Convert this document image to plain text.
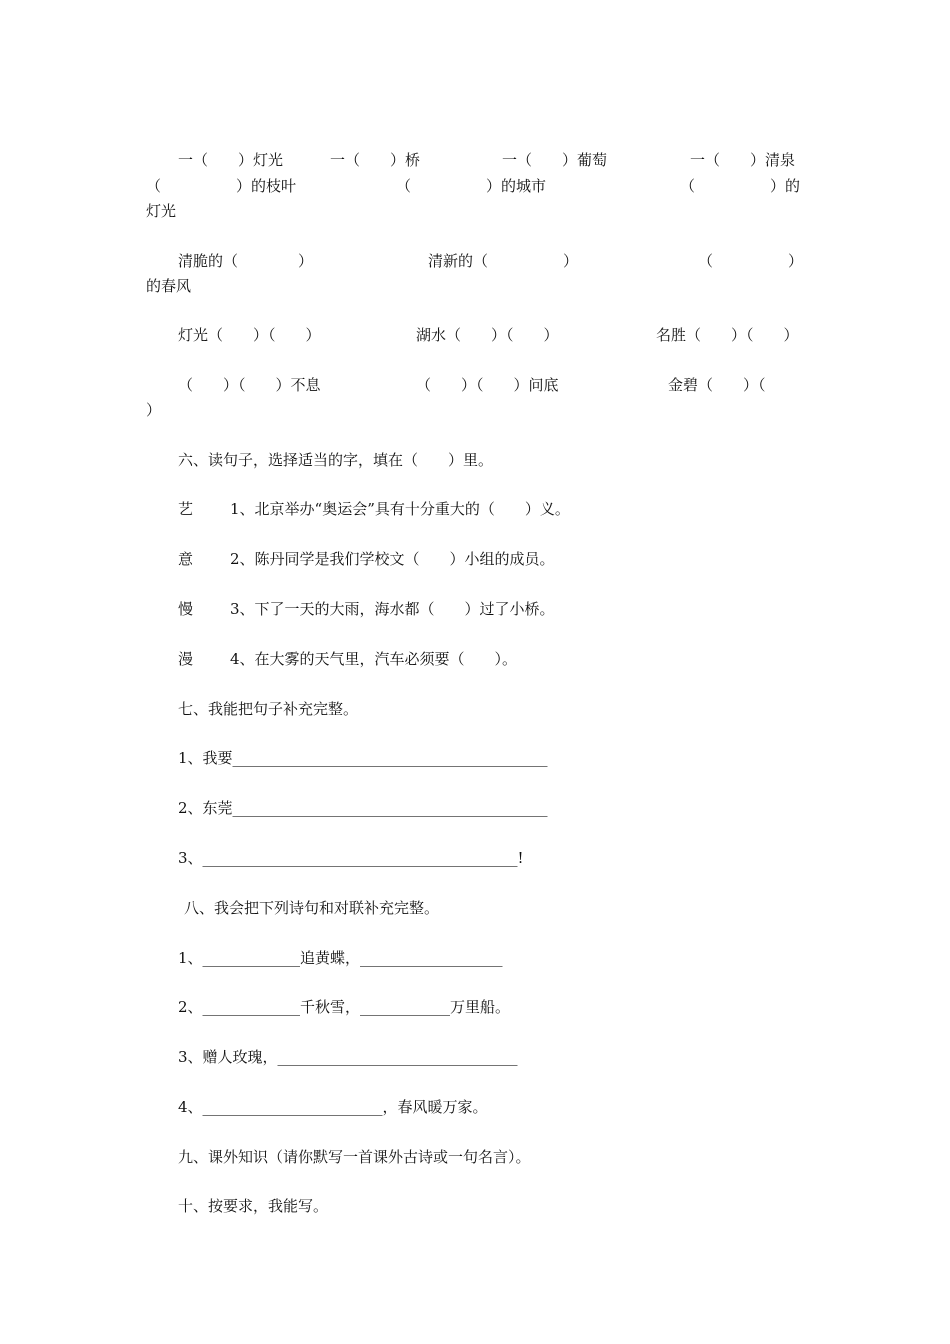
一（　　）灯光	一（　　）桥	一（　　）葡萄	一（　　）清泉
（　　　　　）的枝叶	（　　　　　）的城市	（　　　　　）的
灯光
清脆的（　　　　）	清新的（　　　　　）	（　　　　　）
的春风
灯光（　　）（　　）	湖水（　　）（　　）	名胜（　　）（　　）
（　　）（　　）不息	（　　）（　　）问底	金碧（　　）（
）
六、读句子，选择适当的字，填在（　　）里。
艺 1、北京举办“奥运会”具有十分重大的（　　）义。
意 2、陈丹同学是我们学校文（　　）小组的成员。
慢 3、下了一天的大雨，海水都（　　）过了小桥。
漫 4、在大雾的天气里，汽车必须要（　　）。
七、我能把句子补充完整。
1、我要__________________________________________
2、东莞__________________________________________
3、__________________________________________!
八、我会把下列诗句和对联补充完整。
1、_____________追黄蝶，___________________
2、_____________千秋雪，____________万里船。
3、赠人玫瑰，________________________________
4、________________________，春风暖万家。
九、课外知识（请你默写一首课外古诗或一句名言）。
十、按要求，我能写。
